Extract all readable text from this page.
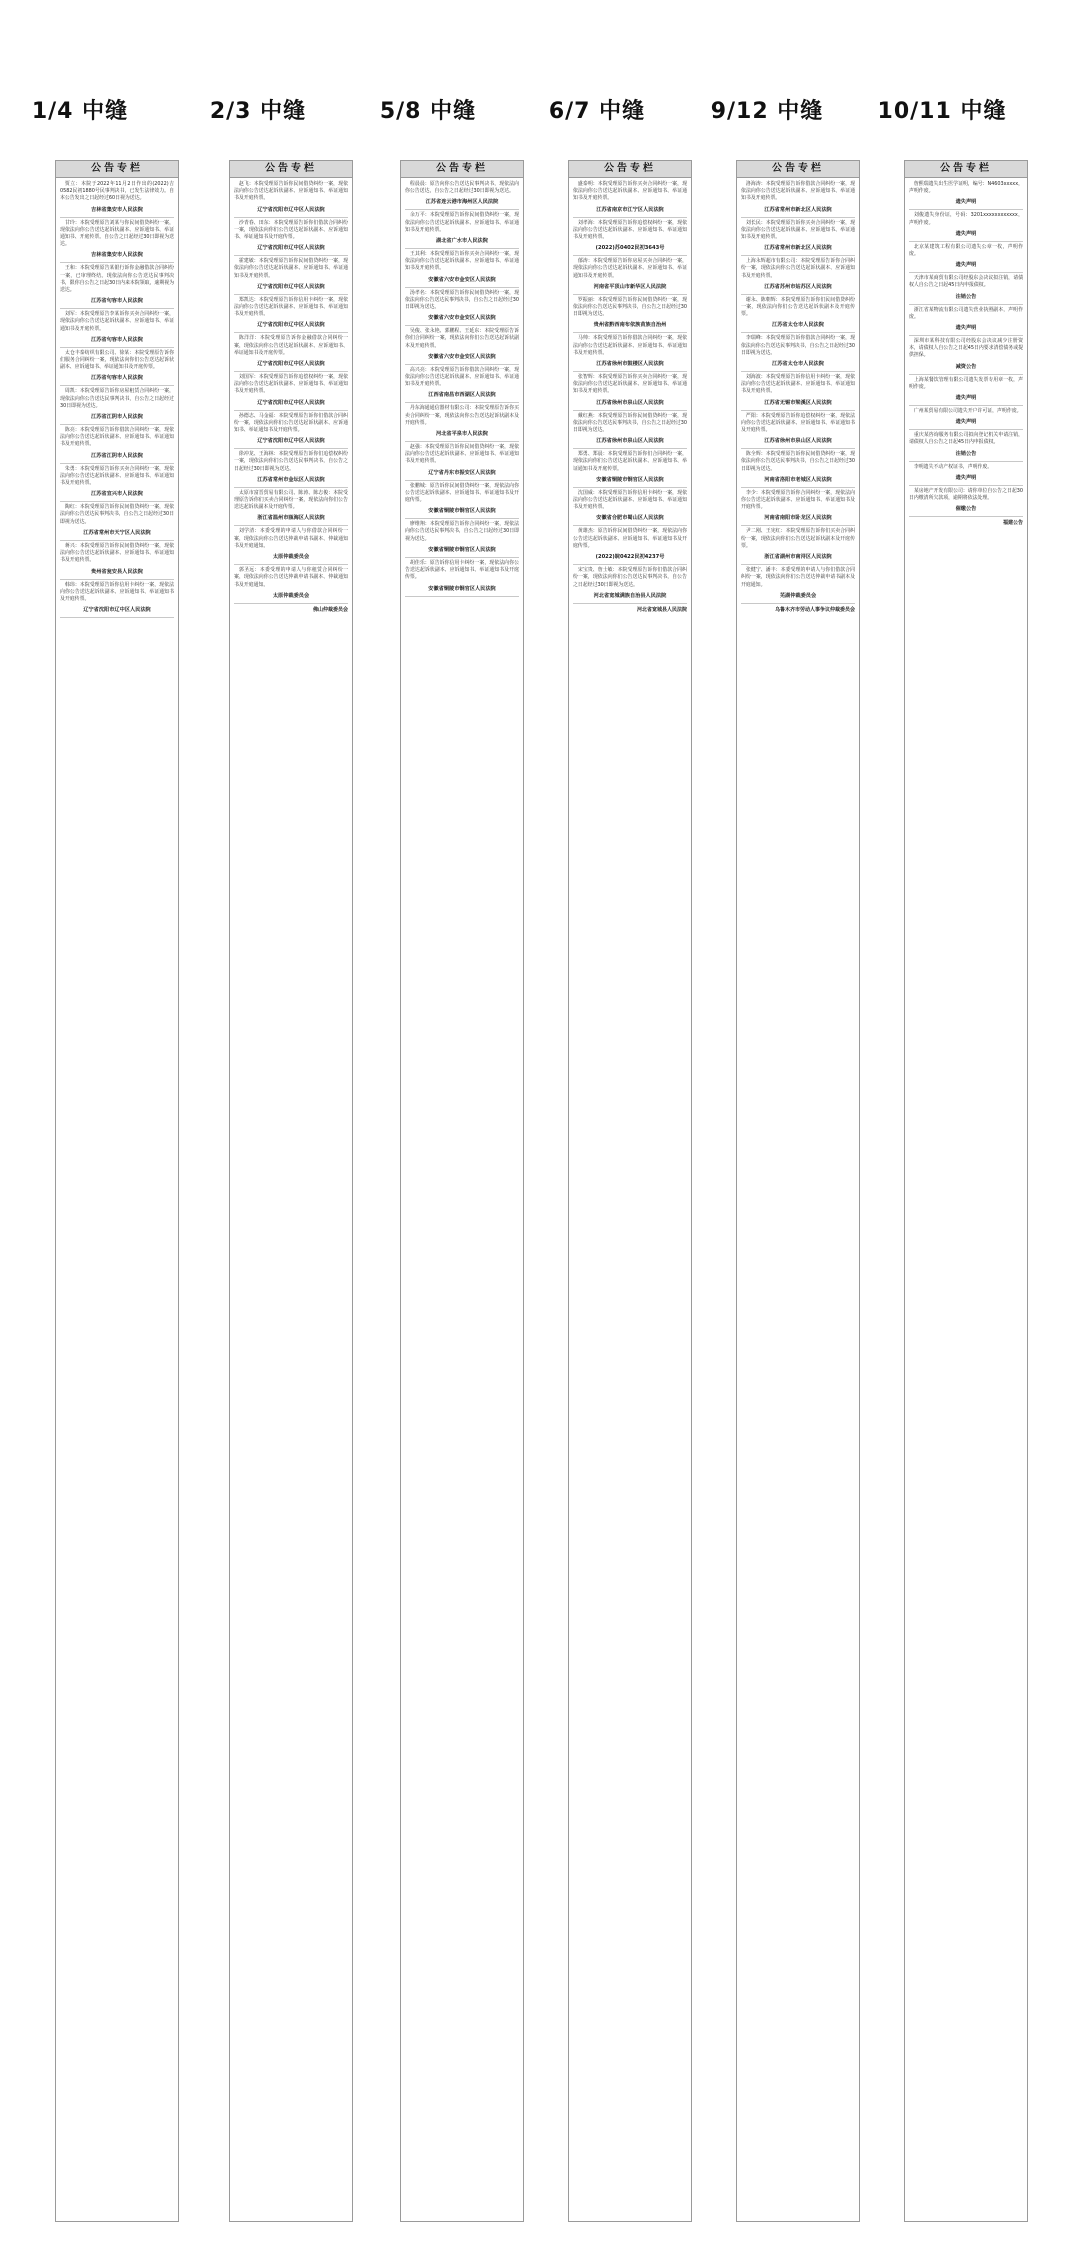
1/4 中缝	2/3 中缝	5/8 中缝	6/7 中缝	9/12 中缝	10/11 中缝
公告专栏

贾立：本院于2022年11月2日作出的(2022)吉0582民初1880号民事判决书，已发生法律效力。自本公告发出之日起经过60日视为送达。

吉林省集安市人民法院

甘玲：本院受理原告刘某与你民间借贷纠纷一案，现依法向你公告送达起诉状副本、应诉通知书、举证通知书、开庭传票。自公告之日起经过30日即视为送达。

吉林省集安市人民法院

王和：本院受理原告某银行诉你金融借款合同纠纷一案，已审理终结。现依法向你公告送达民事判决书，限你自公告之日起30日内来本院领取，逾期视为送达。

江苏省句容市人民法院

刘军：本院受理原告李某诉你买卖合同纠纷一案，现依法向你公告送达起诉状副本、应诉通知书、举证通知书及开庭传票。

江苏省句容市人民法院

太仓丰泰纺织有限公司、徐某：本院受理原告诉你们服务合同纠纷一案，现依法向你们公告送达起诉状副本、应诉通知书、举证通知书及开庭传票。

江苏省句容市人民法院

周凯：本院受理原告诉你房屋租赁合同纠纷一案，现依法向你公告送达民事判决书，自公告之日起经过30日即视为送达。

江苏省江阴市人民法院

陈亮：本院受理原告诉你借款合同纠纷一案，现依法向你公告送达起诉状副本、应诉通知书、举证通知书及开庭传票。

江苏省江阴市人民法院

朱勇：本院受理原告诉你买卖合同纠纷一案，现依法向你公告送达起诉状副本、应诉通知书、举证通知书及开庭传票。

江苏省宜兴市人民法院

陶红：本院受理原告诉你民间借贷纠纷一案，现依法向你公告送达民事判决书，自公告之日起经过30日即视为送达。

江苏省常州市天宁区人民法院

蒋兴：本院受理原告诉你民间借贷纠纷一案，现依法向你公告送达起诉状副本、应诉通知书、举证通知书及开庭传票。

贵州省瓮安县人民法院

韩玮：本院受理原告诉你信用卡纠纷一案，现依法向你公告送达起诉状副本、应诉通知书、举证通知书及开庭传票。

辽宁省沈阳市辽中区人民法院
公告专栏

赵飞：本院受理原告诉你民间借贷纠纷一案，现依法向你公告送达起诉状副本、应诉通知书、举证通知书及开庭传票。

辽宁省沈阳市辽中区人民法院

沙青春、田东：本院受理原告诉你们借款合同纠纷一案，现依法向你们公告送达起诉状副本、应诉通知书、举证通知书及开庭传票。

辽宁省沈阳市辽中区人民法院

霍建敏：本院受理原告诉你民间借贷纠纷一案，现依法向你公告送达起诉状副本、应诉通知书、举证通知书及开庭传票。

辽宁省沈阳市辽中区人民法院

郑凯达：本院受理原告诉你信用卡纠纷一案，现依法向你公告送达起诉状副本、应诉通知书、举证通知书及开庭传票。

辽宁省沈阳市辽中区人民法院

陈洋洋：本院受理原告诉你金融借款合同纠纷一案，现依法向你公告送达起诉状副本、应诉通知书、举证通知书及开庭传票。

辽宁省沈阳市辽中区人民法院

刘国军：本院受理原告诉你追偿权纠纷一案，现依法向你公告送达起诉状副本、应诉通知书、举证通知书及开庭传票。

辽宁省沈阳市辽中区人民法院

孙德志、马金福：本院受理原告诉你们借款合同纠纷一案，现依法向你们公告送达起诉状副本、应诉通知书、举证通知书及开庭传票。

辽宁省沈阳市辽中区人民法院

徐冲龙、王海林：本院受理原告诉你们追偿权纠纷一案，现依法向你们公告送达民事判决书，自公告之日起经过30日即视为送达。

江苏省常州市金坛区人民法院

太原市富晋贸易有限公司、陈涛、陈志俊：本院受理原告诉你们买卖合同纠纷一案，现依法向你们公告送达起诉状副本及开庭传票。

浙江省温州市瓯海区人民法院

刘学清：本委受理的申请人与你借款合同纠纷一案，现依法向你公告送达仲裁申请书副本、仲裁通知书及开庭通知。

太原仲裁委员会

郭圣远：本委受理的申请人与你租赁合同纠纷一案，现依法向你公告送达仲裁申请书副本、仲裁通知书及开庭通知。

太原仲裁委员会
佛山仲裁委员会
公告专栏

程晨晨：原告向你公告送达民事判决书，现依法向你公告送达，自公告之日起经过30日即视为送达。

江苏省连云港市海州区人民法院

余万平：本院受理原告诉你民间借贷纠纷一案，现依法向你公告送达起诉状副本、应诉通知书、举证通知书及开庭传票。

湖北省广水市人民法院

王其利：本院受理原告诉你买卖合同纠纷一案，现依法向你公告送达起诉状副本、应诉通知书、举证通知书及开庭传票。

安徽省六安市金安区人民法院

汤孝名：本院受理原告诉你民间借贷纠纷一案，现依法向你公告送达民事判决书，自公告之日起经过30日即视为送达。

安徽省六安市金安区人民法院

吴俊、张永艳、郭鹏程、王延东：本院受理原告诉你们合同纠纷一案，现依法向你们公告送达起诉状副本及开庭传票。

安徽省六安市金安区人民法院

高兴亮：本院受理原告诉你借款合同纠纷一案，现依法向你公告送达起诉状副本、应诉通知书、举证通知书及开庭传票。

江西省南昌市西湖区人民法院

丹东海通通信器材有限公司：本院受理原告诉你买卖合同纠纷一案，现依法向你公告送达起诉状副本及开庭传票。

河北省平泉市人民法院

赵强：本院受理原告诉你民间借贷纠纷一案，现依法向你公告送达起诉状副本、应诉通知书、举证通知书及开庭传票。

辽宁省丹东市振安区人民法院

张鹏城：原告诉你民间借贷纠纷一案，现依法向你公告送达起诉状副本、应诉通知书、举证通知书及开庭传票。

安徽省铜陵市铜官区人民法院

廖维翔：本院受理原告诉你合同纠纷一案，现依法向你公告送达民事判决书，自公告之日起经过30日即视为送达。

安徽省铜陵市铜官区人民法院

胡佳乐：原告诉你信用卡纠纷一案，现依法向你公告送达起诉状副本、应诉通知书、举证通知书及开庭传票。

安徽省铜陵市铜官区人民法院
公告专栏

盛泰明：本院受理原告诉你买卖合同纠纷一案，现依法向你公告送达起诉状副本、应诉通知书、举证通知书及开庭传票。

江苏省南京市江宁区人民法院

刘孝海：本院受理原告诉你追偿权纠纷一案，现依法向你公告送达起诉状副本、应诉通知书、举证通知书及开庭传票。

(2022)苏0402民初3643号

郁涛：本院受理原告诉你房屋买卖合同纠纷一案，现依法向你公告送达起诉状副本、应诉通知书、举证通知书及开庭传票。

河南省平顶山市新华区人民法院

罗振丽：本院受理原告诉你民间借贷纠纷一案，现依法向你公告送达民事判决书，自公告之日起经过30日即视为送达。

贵州省黔西南布依族苗族自治州

马帅：本院受理原告诉你借款合同纠纷一案，现依法向你公告送达起诉状副本、应诉通知书、举证通知书及开庭传票。

江苏省徐州市鼓楼区人民法院

张智辉：本院受理原告诉你买卖合同纠纷一案，现依法向你公告送达起诉状副本、应诉通知书、举证通知书及开庭传票。

江苏省徐州市泉山区人民法院

戴红燕：本院受理原告诉你民间借贷纠纷一案，现依法向你公告送达民事判决书，自公告之日起经过30日即视为送达。

江苏省徐州市泉山区人民法院

郑勇、郑晨：本院受理原告诉你们合同纠纷一案，现依法向你们公告送达起诉状副本、应诉通知书、举证通知书及开庭传票。

安徽省铜陵市铜官区人民法院

沈国威：本院受理原告诉你信用卡纠纷一案，现依法向你公告送达起诉状副本、应诉通知书、举证通知书及开庭传票。

安徽省合肥市蜀山区人民法院

黄雄杰：原告诉你民间借贷纠纷一案，现依法向你公告送达起诉状副本、应诉通知书、举证通知书及开庭传票。

(2022)皖0422民初4237号

宋宝贵、詹士敏：本院受理原告诉你们借款合同纠纷一案，现依法向你们公告送达民事判决书，自公告之日起经过30日即视为送达。

河北省宽城满族自治县人民法院
河北省宽城县人民法院
公告专栏

洛海涛：本院受理原告诉你借款合同纠纷一案，现依法向你公告送达起诉状副本、应诉通知书、举证通知书及开庭传票。

江苏省常州市新北区人民法院

刘长民：本院受理原告诉你买卖合同纠纷一案，现依法向你公告送达起诉状副本、应诉通知书、举证通知书及开庭传票。

江苏省常州市新北区人民法院

上海永辉超市有限公司：本院受理原告诉你合同纠纷一案，现依法向你公告送达起诉状副本、应诉通知书及开庭传票。

江苏省苏州市姑苏区人民法院

谢永、陈朝辉：本院受理原告诉你们民间借贷纠纷一案，现依法向你们公告送达起诉状副本及开庭传票。

江苏省太仓市人民法院

李瑞峰：本院受理原告诉你借款合同纠纷一案，现依法向你公告送达民事判决书，自公告之日起经过30日即视为送达。

江苏省太仓市人民法院

刘海波：本院受理原告诉你信用卡纠纷一案，现依法向你公告送达起诉状副本、应诉通知书、举证通知书及开庭传票。

江苏省无锡市梁溪区人民法院

严阳：本院受理原告诉你追偿权纠纷一案，现依法向你公告送达起诉状副本、应诉通知书、举证通知书及开庭传票。

江苏省徐州市泉山区人民法院

陈全辉：本院受理原告诉你民间借贷纠纷一案，现依法向你公告送达民事判决书，自公告之日起经过30日即视为送达。

河南省洛阳市老城区人民法院

李少：本院受理原告诉你合同纠纷一案，现依法向你公告送达起诉状副本、应诉通知书、举证通知书及开庭传票。

河南省南阳市卧龙区人民法院

尹二刚、王宪红：本院受理原告诉你们买卖合同纠纷一案，现依法向你们公告送达起诉状副本及开庭传票。

浙江省湖州市南浔区人民法院

张健宁、潘丰：本委受理的申请人与你们借款合同纠纷一案，现依法向你们公告送达仲裁申请书副本及开庭通知。

芜湖仲裁委员会
乌鲁木齐市劳动人事争议仲裁委员会
公告专栏

詹熙瑞遗失出生医学证明，编号：N4603xxxxx，声明作废。

遗失声明

刘俊遗失身份证，号码：3201xxxxxxxxxxxx，声明作废。

遗失声明

北京某建筑工程有限公司遗失公章一枚，声明作废。

遗失声明

天津市某商贸有限公司经股东会决议拟注销，请债权人自公告之日起45日内申报债权。

注销公告

浙江省某物流有限公司遗失营业执照副本，声明作废。

遗失声明

深圳市某科技有限公司经股东会决议减少注册资本，请债权人自公告之日起45日内要求清偿债务或提供担保。

减资公告

上海某餐饮管理有限公司遗失发票专用章一枚，声明作废。

遗失声明

广州某贸易有限公司遗失开户许可证，声明作废。

遗失声明

重庆某咨询服务有限公司拟向登记机关申请注销，请债权人自公告之日起45日内申报债权。

注销公告

李明遗失不动产权证书，声明作废。

遗失声明

某房地产开发有限公司：请你单位自公告之日起30日内缴清所欠款项，逾期将依法处理。

催缴公告
福建公告
